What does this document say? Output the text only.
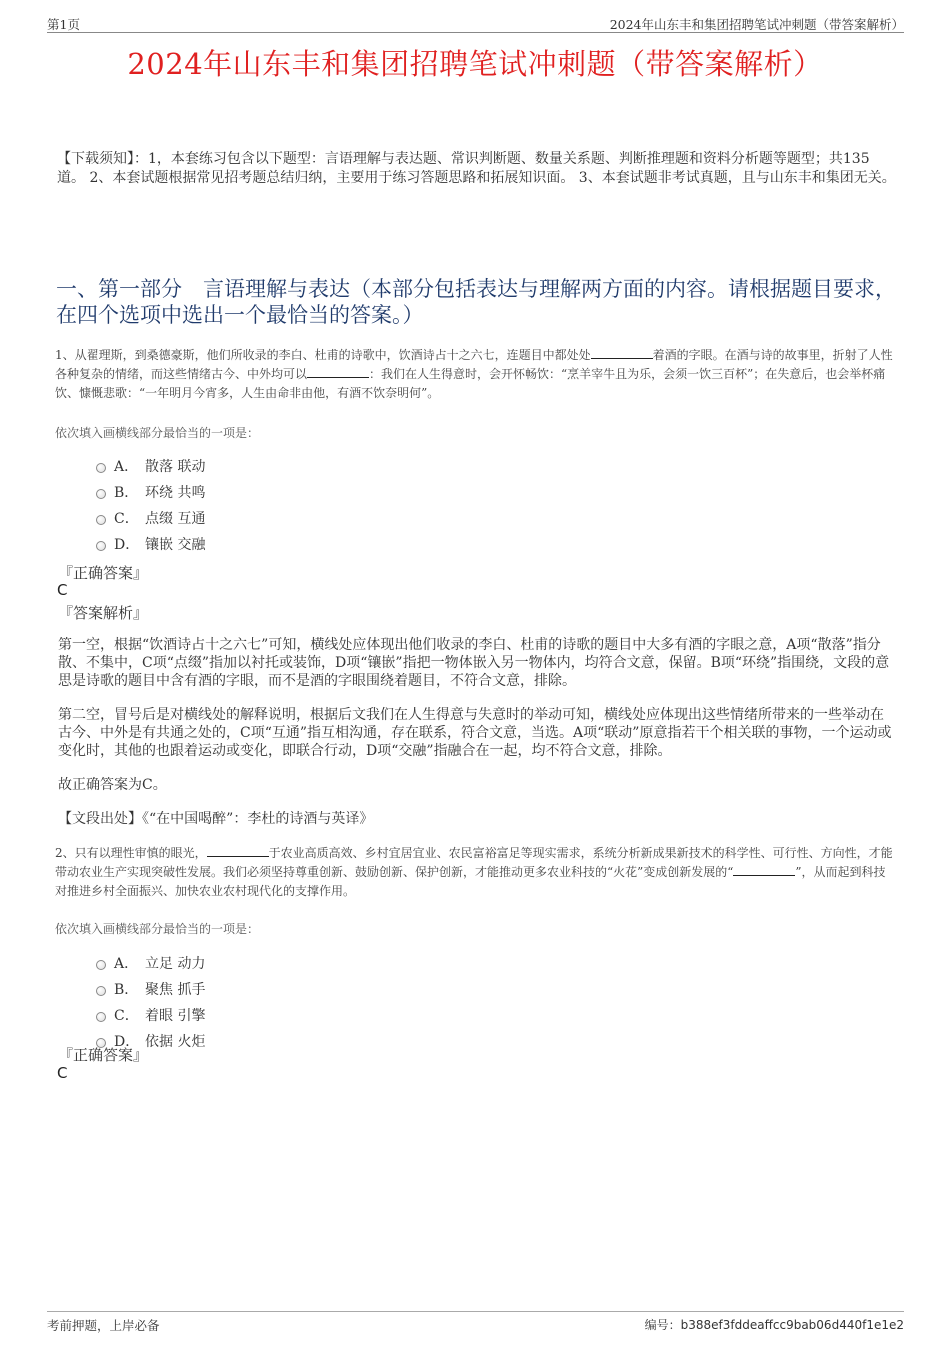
第1页	2024年山东丰和集团招聘笔试冲刺题（带答案解析）
2024年山东丰和集团招聘笔试冲刺题（带答案解析）
【下载须知】：1，本套练习包含以下题型：言语理解与表达题、常识判断题、数量关系题、判断推理题和资料分析题等题型；共135道。 2、本套试题根据常见招考题总结归纳，主要用于练习答题思路和拓展知识面。 3、本套试题非考试真题，且与山东丰和集团无关。
一、第一部分　言语理解与表达（本部分包括表达与理解两方面的内容。请根据题目要求，在四个选项中选出一个最恰当的答案。）
1、从翟理斯，到桑德豪斯，他们所收录的李白、杜甫的诗歌中，饮酒诗占十之六七，连题目中都处处	着酒的字眼。在酒与诗的故事里，折射了人性各种复杂的情绪，而这些情绪古今、中外均可以	：我们在人生得意时，会开怀畅饮：“烹羊宰牛且为乐，会须一饮三百杯”；在失意后，也会举杯痛饮、慷慨悲歌：“一年明月今宵多，人生由命非由他，有酒不饮奈明何”。
依次填入画横线部分最恰当的一项是：
A． 散落 联动
B． 环绕 共鸣
C． 点缀 互通
D． 镶嵌 交融
『正确答案』
C
『答案解析』
第一空，根据“饮酒诗占十之六七”可知，横线处应体现出他们收录的李白、杜甫的诗歌的题目中大多有酒的字眼之意，A项“散落”指分散、不集中，C项“点缀”指加以衬托或装饰，D项“镶嵌”指把一物体嵌入另一物体内，均符合文意，保留。B项“环绕”指围绕，文段的意思是诗歌的题目中含有酒的字眼，而不是酒的字眼围绕着题目，不符合文意，排除。
第二空，冒号后是对横线处的解释说明，根据后文我们在人生得意与失意时的举动可知，横线处应体现出这些情绪所带来的一些举动在古今、中外是有共通之处的，C项“互通”指互相沟通，存在联系，符合文意，当选。A项“联动”原意指若干个相关联的事物，一个运动或变化时，其他的也跟着运动或变化，即联合行动，D项“交融”指融合在一起，均不符合文意，排除。
故正确答案为C。
【文段出处】《“在中国喝醉”：李杜的诗酒与英译》
2、只有以理性审慎的眼光，	于农业高质高效、乡村宜居宜业、农民富裕富足等现实需求，系统分析新成果新技术的科学性、可行性、方向性，才能带动农业生产实现突破性发展。我们必须坚持尊重创新、鼓励创新、保护创新，才能推动更多农业科技的“火花”变成创新发展的“	”，从而起到科技对推进乡村全面振兴、加快农业农村现代化的支撑作用。
依次填入画横线部分最恰当的一项是：
A． 立足 动力
B． 聚焦 抓手
C． 着眼 引擎
D． 依据 火炬
『正确答案』
C
考前押题，上岸必备	编号：b388ef3fddeaffcc9bab06d440f1e1e2
